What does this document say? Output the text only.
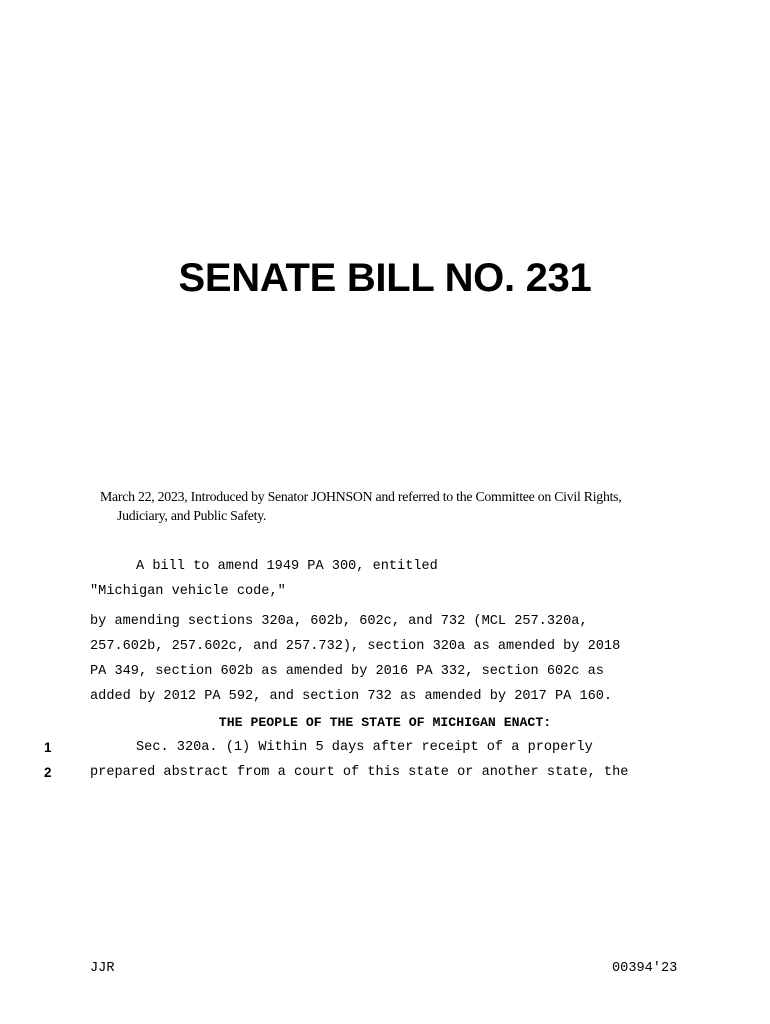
SENATE BILL NO. 231
March 22, 2023, Introduced by Senator JOHNSON and referred to the Committee on Civil Rights,
Judiciary, and Public Safety.
A bill to amend 1949 PA 300, entitled
"Michigan vehicle code,"
by amending sections 320a, 602b, 602c, and 732 (MCL 257.320a,
257.602b, 257.602c, and 257.732), section 320a as amended by 2018
PA 349, section 602b as amended by 2016 PA 332, section 602c as
added by 2012 PA 592, and section 732 as amended by 2017 PA 160.
THE PEOPLE OF THE STATE OF MICHIGAN ENACT:
1	Sec. 320a. (1) Within 5 days after receipt of a properly
2	prepared abstract from a court of this state or another state, the
JJR	00394'23
